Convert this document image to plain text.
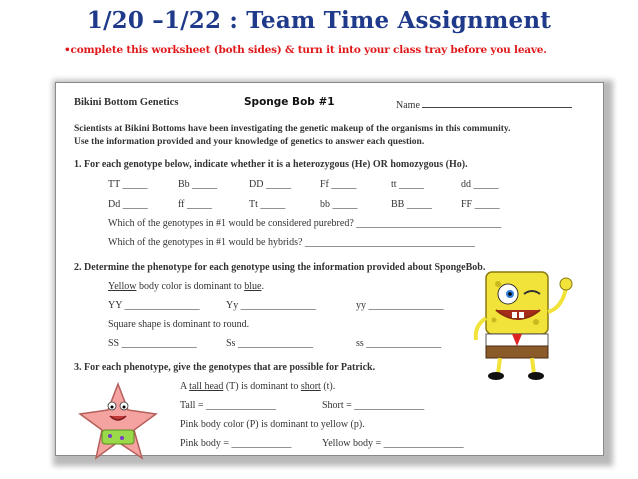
1/20 –1/22 : Team Time Assignment
•complete this worksheet (both sides) & turn it into your class tray before you leave.
Bikini Bottom Genetics	Sponge Bob #1	Name
Scientists at Bikini Bottoms have been investigating the genetic makeup of the organisms in this community.
Use the information provided and your knowledge of genetics to answer each question.
1. For each genotype below, indicate whether it is a heterozygous (He) OR homozygous (Ho).
TT _____	Bb _____	DD _____	Ff _____	tt _____	dd _____
Dd _____	ff _____	Tt _____	bb _____	BB _____	FF _____
Which of the genotypes in #1 would be considered purebred? _____________________________
Which of the genotypes in #1 would be hybrids? __________________________________
2. Determine the phenotype for each genotype using the information provided about SpongeBob.
Yellow body color is dominant to blue.
YY _______________	Yy _______________	yy _______________
Square shape is dominant to round.
SS _______________	Ss _______________	ss _______________
3. For each phenotype, give the genotypes that are possible for Patrick.
A tall head (T) is dominant to short (t).
Tall = ______________	Short = ______________
Pink body color (P) is dominant to yellow (p).
Pink body = ____________	Yellow body = ________________
